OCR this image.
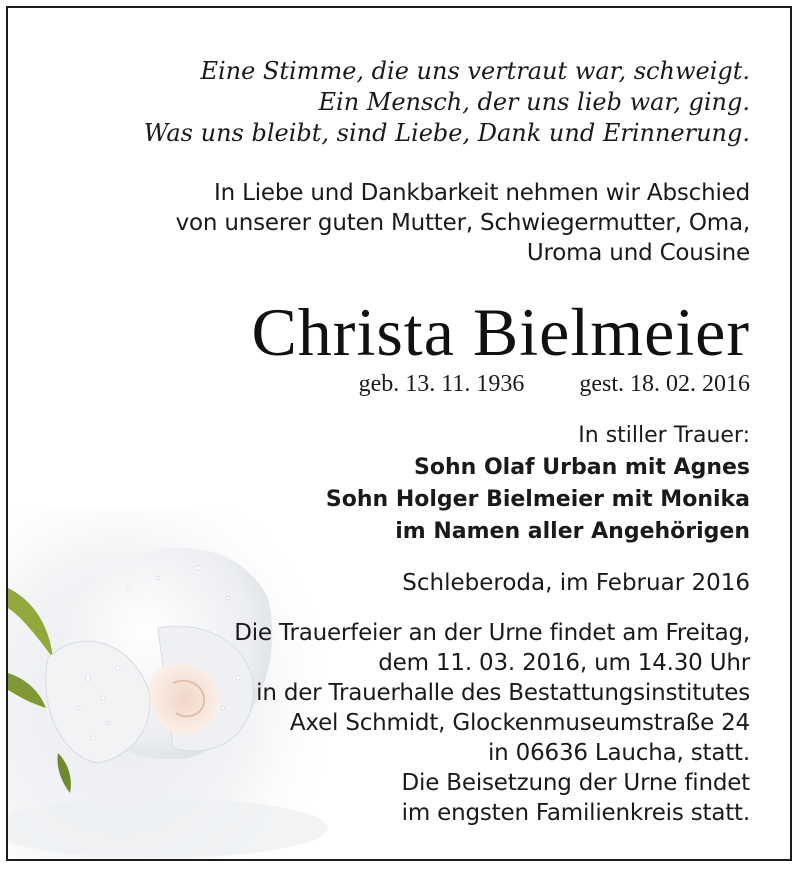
Eine Stimme, die uns vertraut war, schweigt.
Ein Mensch, der uns lieb war, ging.
Was uns bleibt, sind Liebe, Dank und Erinnerung.
In Liebe und Dankbarkeit nehmen wir Abschied
von unserer guten Mutter, Schwiegermutter, Oma,
Uroma und Cousine
Christa Bielmeier
geb. 13. 11. 1936 gest. 18. 02. 2016
In stiller Trauer:
Sohn Olaf Urban mit Agnes
Sohn Holger Bielmeier mit Monika
im Namen aller Angehörigen
Schleberoda, im Februar 2016
Die Trauerfeier an der Urne findet am Freitag,
dem 11. 03. 2016, um 14.30 Uhr
in der Trauerhalle des Bestattungsinstitutes
Axel Schmidt, Glockenmuseumstraße 24
in 06636 Laucha, statt.
Die Beisetzung der Urne findet
im engsten Familienkreis statt.
